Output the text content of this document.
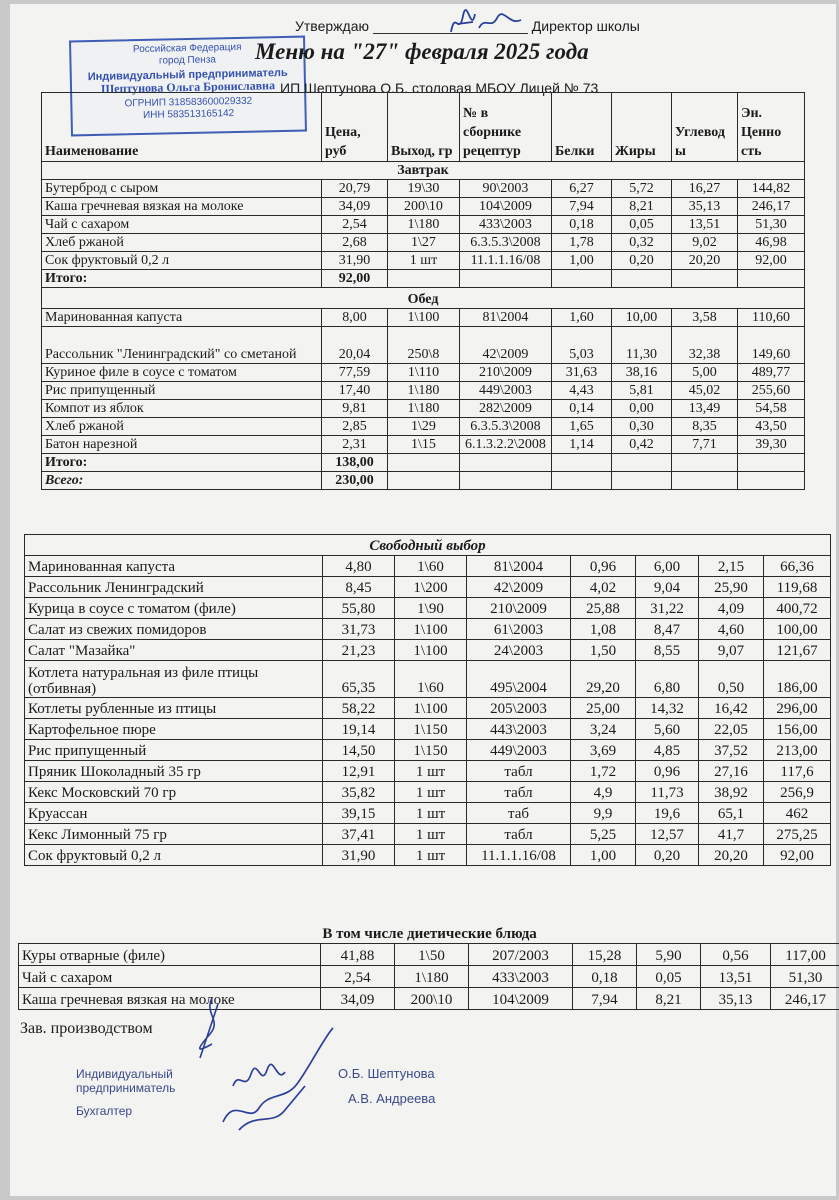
Утверждаю	Директор школы
Российская Федерация
город Пенза
Индивидуальный предприниматель
Шептунова Ольга Брониславна
ОГРНИП 318583600029332
ИНН 583513165142
Меню на "27" февраля 2025 года
ИП Шептунова О.Б. столовая МБОУ Лицей № 73
Наименование	Цена, руб	Выход, гр	№ в сборнике рецептур	Белки	Жиры	Углевод ы	Эн. Ценно сть
Завтрак							
Бутерброд с сыром	20,79	19\30	90\2003	6,27	5,72	16,27	144,82
Каша гречневая вязкая на молоке	34,09	200\10	104\2009	7,94	8,21	35,13	246,17
Чай с сахаром	2,54	1\180	433\2003	0,18	0,05	13,51	51,30
Хлеб ржаной	2,68	1\27	6.3.5.3\2008	1,78	0,32	9,02	46,98
Сок фруктовый 0,2 л	31,90	1 шт	11.1.1.16/08	1,00	0,20	20,20	92,00
Итого:	92,00						
Обед							
Маринованная капуста	8,00	1\100	81\2004	1,60	10,00	3,58	110,60
Рассольник "Ленинградский" со сметаной	20,04	250\8	42\2009	5,03	11,30	32,38	149,60
Куриное филе в соусе с томатом	77,59	1\110	210\2009	31,63	38,16	5,00	489,77
Рис припущенный	17,40	1\180	449\2003	4,43	5,81	45,02	255,60
Компот из яблок	9,81	1\180	282\2009	0,14	0,00	13,49	54,58
Хлеб ржаной	2,85	1\29	6.3.5.3\2008	1,65	0,30	8,35	43,50
Батон нарезной	2,31	1\15	6.1.3.2.2\2008	1,14	0,42	7,71	39,30
Итого:	138,00						
Всего:	230,00						
Свободный выбор							
Маринованная капуста	4,80	1\60	81\2004	0,96	6,00	2,15	66,36
Рассольник Ленинградский	8,45	1\200	42\2009	4,02	9,04	25,90	119,68
Курица в соусе с томатом (филе)	55,80	1\90	210\2009	25,88	31,22	4,09	400,72
Салат из свежих помидоров	31,73	1\100	61\2003	1,08	8,47	4,60	100,00
Салат "Мазайка"	21,23	1\100	24\2003	1,50	8,55	9,07	121,67
Котлета натуральная из филе птицы (отбивная)	65,35	1\60	495\2004	29,20	6,80	0,50	186,00
Котлеты рубленные из птицы	58,22	1\100	205\2003	25,00	14,32	16,42	296,00
Картофельное пюре	19,14	1\150	443\2003	3,24	5,60	22,05	156,00
Рис припущенный	14,50	1\150	449\2003	3,69	4,85	37,52	213,00
Пряник Шоколадный 35 гр	12,91	1 шт	табл	1,72	0,96	27,16	117,6
Кекс Московский 70 гр	35,82	1 шт	табл	4,9	11,73	38,92	256,9
Круассан	39,15	1 шт	таб	9,9	19,6	65,1	462
Кекс Лимонный 75 гр	37,41	1 шт	табл	5,25	12,57	41,7	275,25
Сок фруктовый 0,2 л	31,90	1 шт	11.1.1.16/08	1,00	0,20	20,20	92,00
В том числе диетические блюда							
Куры отварные (филе)	41,88	1\50	207/2003	15,28	5,90	0,56	117,00
Чай с сахаром	2,54	1\180	433\2003	0,18	0,05	13,51	51,30
Каша гречневая вязкая на молоке	34,09	200\10	104\2009	7,94	8,21	35,13	246,17
Зав. производством
Индивидуальный предприниматель
Бухгалтер
О.Б. Шептунова
А.В. Андреева
